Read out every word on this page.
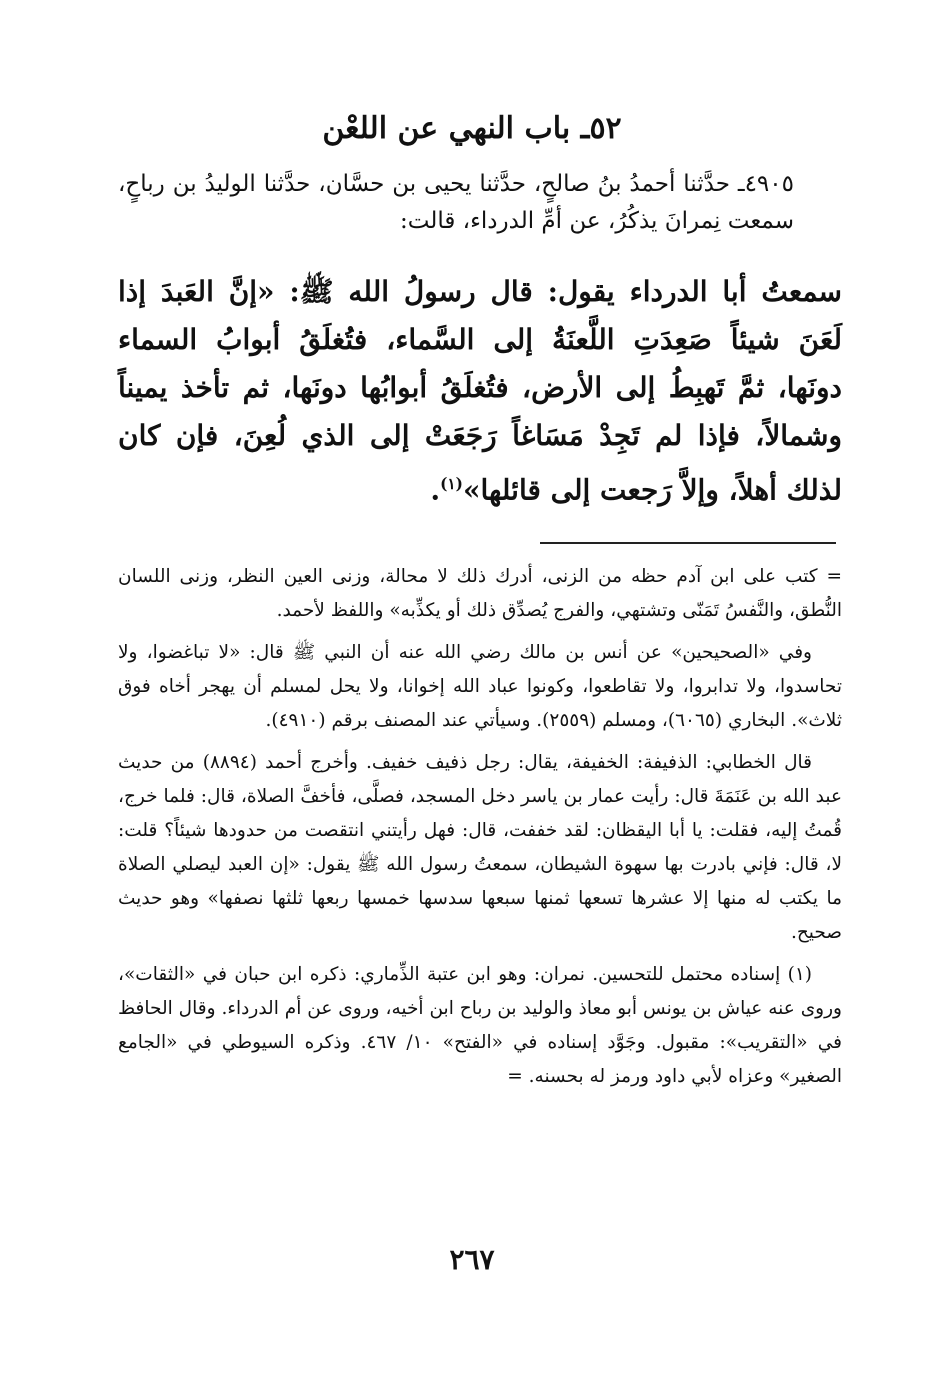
٥٢ـ باب النهي عن اللعْن
٤٩٠٥ـ حدَّثنا أحمدُ بنُ صالحٍ، حدَّثنا يحيى بن حسَّان، حدَّثنا الوليدُ بن رباحٍ، سمعت نِمرانَ يذكُرُ، عن أمِّ الدرداء، قالت:
سمعتُ أبا الدرداء يقول: قال رسولُ الله ﷺ: «إنَّ العَبدَ إذا لَعَنَ شيئاً صَعِدَتِ اللَّعنَةُ إلى السَّماء، فتُغلَقُ أبوابُ السماء دونَها، ثمَّ تَهبِطُ إلى الأرض، فتُغلَقُ أبوابُها دونَها، ثم تأخذ يميناً وشمالاً، فإذا لم تَجِدْ مَسَاغاً رَجَعَتْ إلى الذي لُعِنَ، فإن كان لذلك أهلاً، وإلاَّ رَجعت إلى قائلها»$^{(١)}$.

= كتب على ابن آدم حظه من الزنى، أدرك ذلك لا محالة، وزنى العين النظر، وزنى اللسان النُّطق، والنَّفسُ تَمَنّى وتشتهي، والفرج يُصدِّق ذلك أو يكذِّبه» واللفظ لأحمد.

وفي «الصحيحين» عن أنس بن مالك رضي الله عنه أن النبي ﷺ قال: «لا تباغضوا، ولا تحاسدوا، ولا تدابروا، ولا تقاطعوا، وكونوا عباد الله إخوانا، ولا يحل لمسلم أن يهجر أخاه فوق ثلاث». البخاري (٦٠٦٥)، ومسلم (٢٥٥٩). وسيأتي عند المصنف برقم (٤٩١٠).

قال الخطابي: الذفيفة: الخفيفة، يقال: رجل ذفيف خفيف. وأخرج أحمد (٨٨٩٤) من حديث عبد الله بن عَنَمَةَ قال: رأيت عمار بن ياسر دخل المسجد، فصلَّى، فأخفَّ الصلاة، قال: فلما خرج، قُمتُ إليه، فقلت: يا أبا اليقظان: لقد خففت، قال: فهل رأيتني انتقصت من حدودها شيئاً؟ قلت: لا، قال: فإني بادرت بها سهوة الشيطان، سمعتُ رسول الله ﷺ يقول: «إن العبد ليصلي الصلاة ما يكتب له منها إلا عشرها تسعها ثمنها سبعها سدسها خمسها ربعها ثلثها نصفها» وهو حديث صحيح.

(١) إسناده محتمل للتحسين. نمران: وهو ابن عتبة الذِّماري: ذكره ابن حبان في «الثقات»، وروى عنه عياش بن يونس أبو معاذ والوليد بن رباح ابن أخيه، وروى عن أم الدرداء. وقال الحافظ في «التقريب»: مقبول. وجَوَّد إسناده في «الفتح» ١٠/ ٤٦٧. وذكره السيوطي في «الجامع الصغير» وعزاه لأبي داود ورمز له بحسنه. =

٢٦٧
